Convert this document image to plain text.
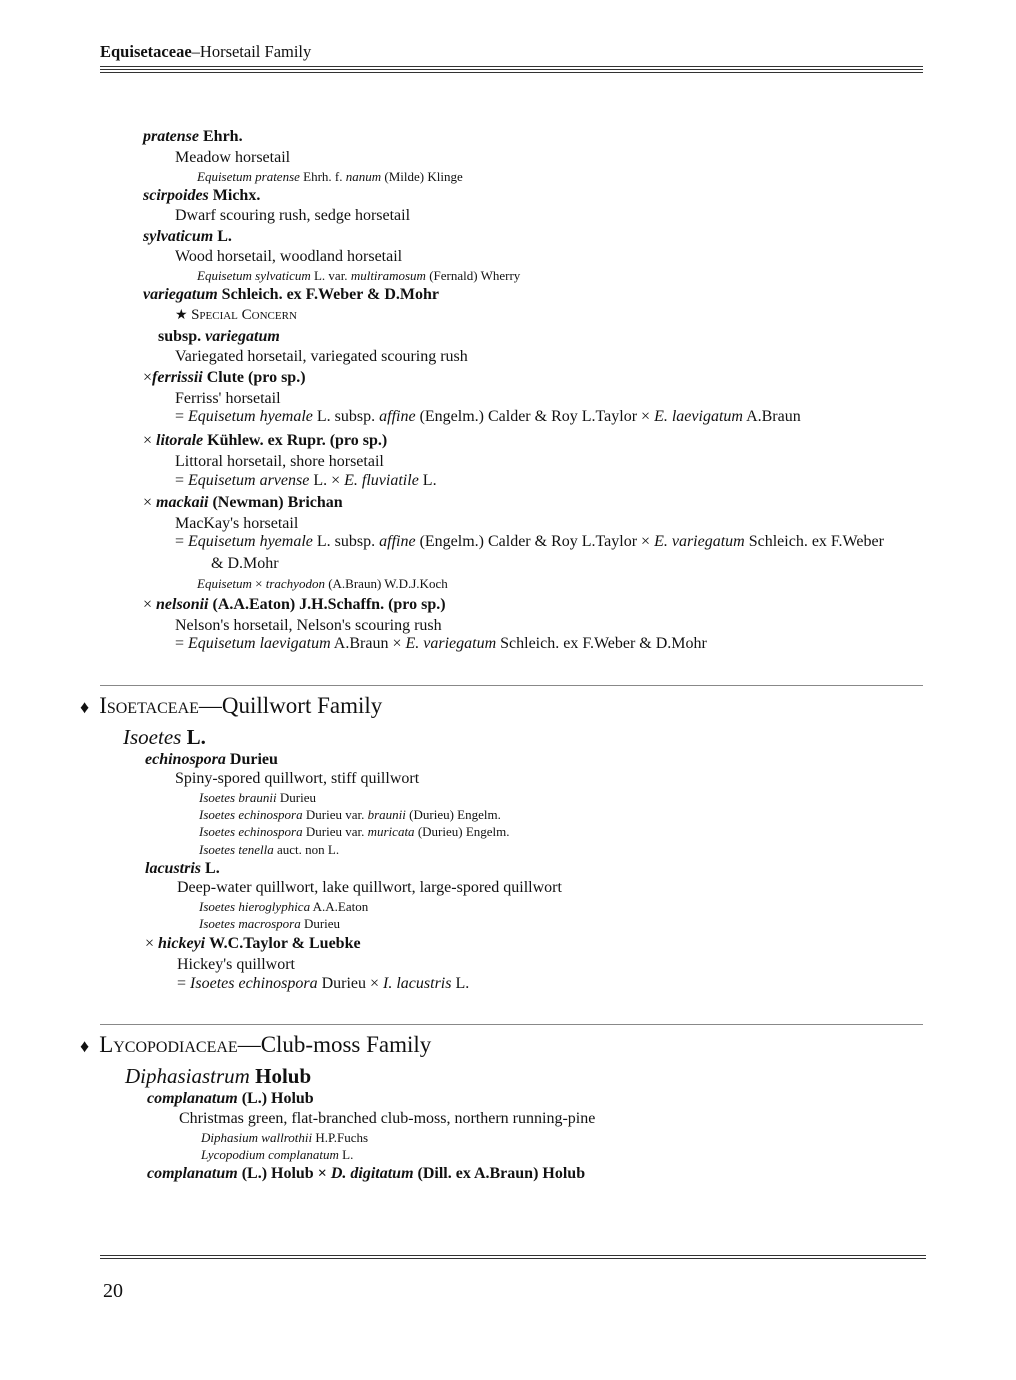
Equisetaceae–Horsetail Family
pratense Ehrh.
Meadow horsetail
Equisetum pratense Ehrh. f. nanum (Milde) Klinge
scirpoides Michx.
Dwarf scouring rush, sedge horsetail
sylvaticum L.
Wood horsetail, woodland horsetail
Equisetum sylvaticum L. var. multiramosum (Fernald) Wherry
variegatum Schleich. ex F.Weber & D.Mohr
★ Special Concern
subsp. variegatum
Variegated horsetail, variegated scouring rush
×ferrissii Clute (pro sp.)
Ferriss' horsetail
= Equisetum hyemale L. subsp. affine (Engelm.) Calder & Roy L.Taylor × E. laevigatum A.Braun
× litorale Kühlew. ex Rupr. (pro sp.)
Littoral horsetail, shore horsetail
= Equisetum arvense L. × E. fluviatile L.
× mackaii (Newman) Brichan
MacKay's horsetail
= Equisetum hyemale L. subsp. affine (Engelm.) Calder & Roy L.Taylor × E. variegatum Schleich. ex F.Weber
& D.Mohr
Equisetum × trachyodon (A.Braun) W.D.J.Koch
× nelsonii (A.A.Eaton) J.H.Schaffn. (pro sp.)
Nelson's horsetail, Nelson's scouring rush
= Equisetum laevigatum A.Braun × E. variegatum Schleich. ex F.Weber & D.Mohr
♦ Isoetaceae—Quillwort Family
Isoetes L.
echinospora Durieu
Spiny-spored quillwort, stiff quillwort
Isoetes braunii Durieu
Isoetes echinospora Durieu var. braunii (Durieu) Engelm.
Isoetes echinospora Durieu var. muricata (Durieu) Engelm.
Isoetes tenella auct. non L.
lacustris L.
Deep-water quillwort, lake quillwort, large-spored quillwort
Isoetes hieroglyphica A.A.Eaton
Isoetes macrospora Durieu
× hickeyi W.C.Taylor & Luebke
Hickey's quillwort
= Isoetes echinospora Durieu × I. lacustris L.
♦ Lycopodiaceae—Club-moss Family
Diphasiastrum Holub
complanatum (L.) Holub
Christmas green, flat-branched club-moss, northern running-pine
Diphasium wallrothii H.P.Fuchs
Lycopodium complanatum L.
complanatum (L.) Holub × D. digitatum (Dill. ex A.Braun) Holub
20
